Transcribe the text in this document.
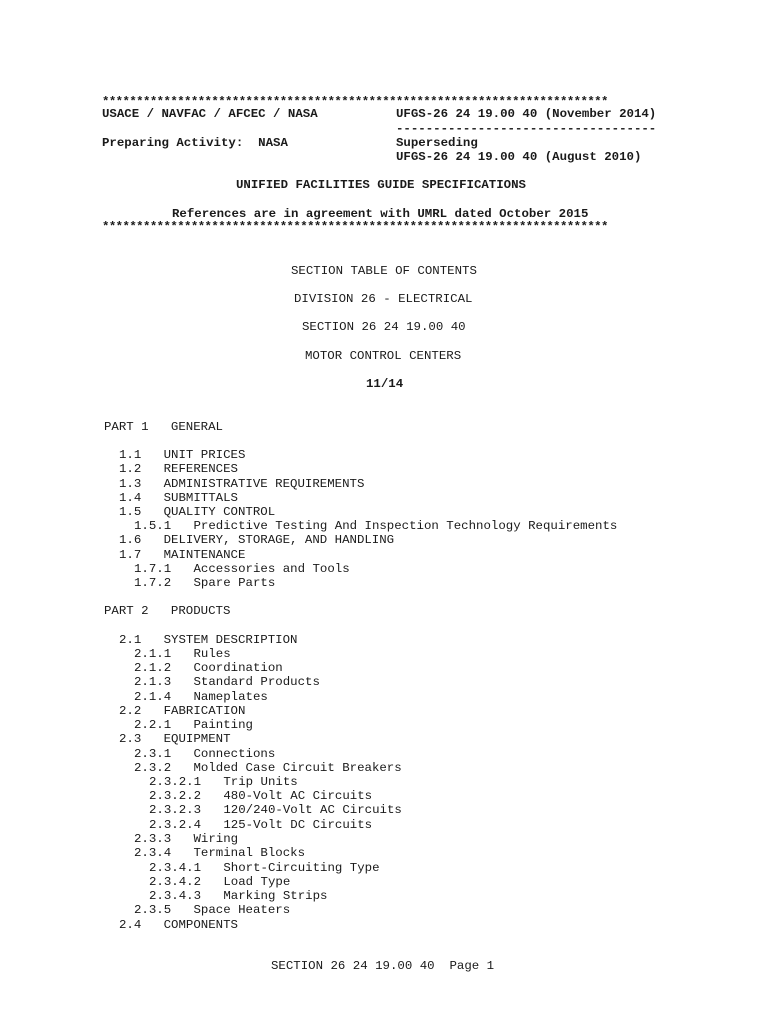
**************************************************************************
USACE / NAVFAC / AFCEC / NASA	UFGS-26 24 19.00 40 (November 2014)
-----------------------------------
Preparing Activity:  NASA	Superseding
UFGS-26 24 19.00 40 (August 2010)
UNIFIED FACILITIES GUIDE SPECIFICATIONS
References are in agreement with UMRL dated October 2015
**************************************************************************
SECTION TABLE OF CONTENTS
DIVISION 26 - ELECTRICAL
SECTION 26 24 19.00 40
MOTOR CONTROL CENTERS
11/14
PART 1   GENERAL
1.1   UNIT PRICES
1.2   REFERENCES
1.3   ADMINISTRATIVE REQUIREMENTS
1.4   SUBMITTALS
1.5   QUALITY CONTROL
1.5.1   Predictive Testing And Inspection Technology Requirements
1.6   DELIVERY, STORAGE, AND HANDLING
1.7   MAINTENANCE
1.7.1   Accessories and Tools
1.7.2   Spare Parts
PART 2   PRODUCTS
2.1   SYSTEM DESCRIPTION
2.1.1   Rules
2.1.2   Coordination
2.1.3   Standard Products
2.1.4   Nameplates
2.2   FABRICATION
2.2.1   Painting
2.3   EQUIPMENT
2.3.1   Connections
2.3.2   Molded Case Circuit Breakers
2.3.2.1   Trip Units
2.3.2.2   480-Volt AC Circuits
2.3.2.3   120/240-Volt AC Circuits
2.3.2.4   125-Volt DC Circuits
2.3.3   Wiring
2.3.4   Terminal Blocks
2.3.4.1   Short-Circuiting Type
2.3.4.2   Load Type
2.3.4.3   Marking Strips
2.3.5   Space Heaters
2.4   COMPONENTS
SECTION 26 24 19.00 40  Page 1
